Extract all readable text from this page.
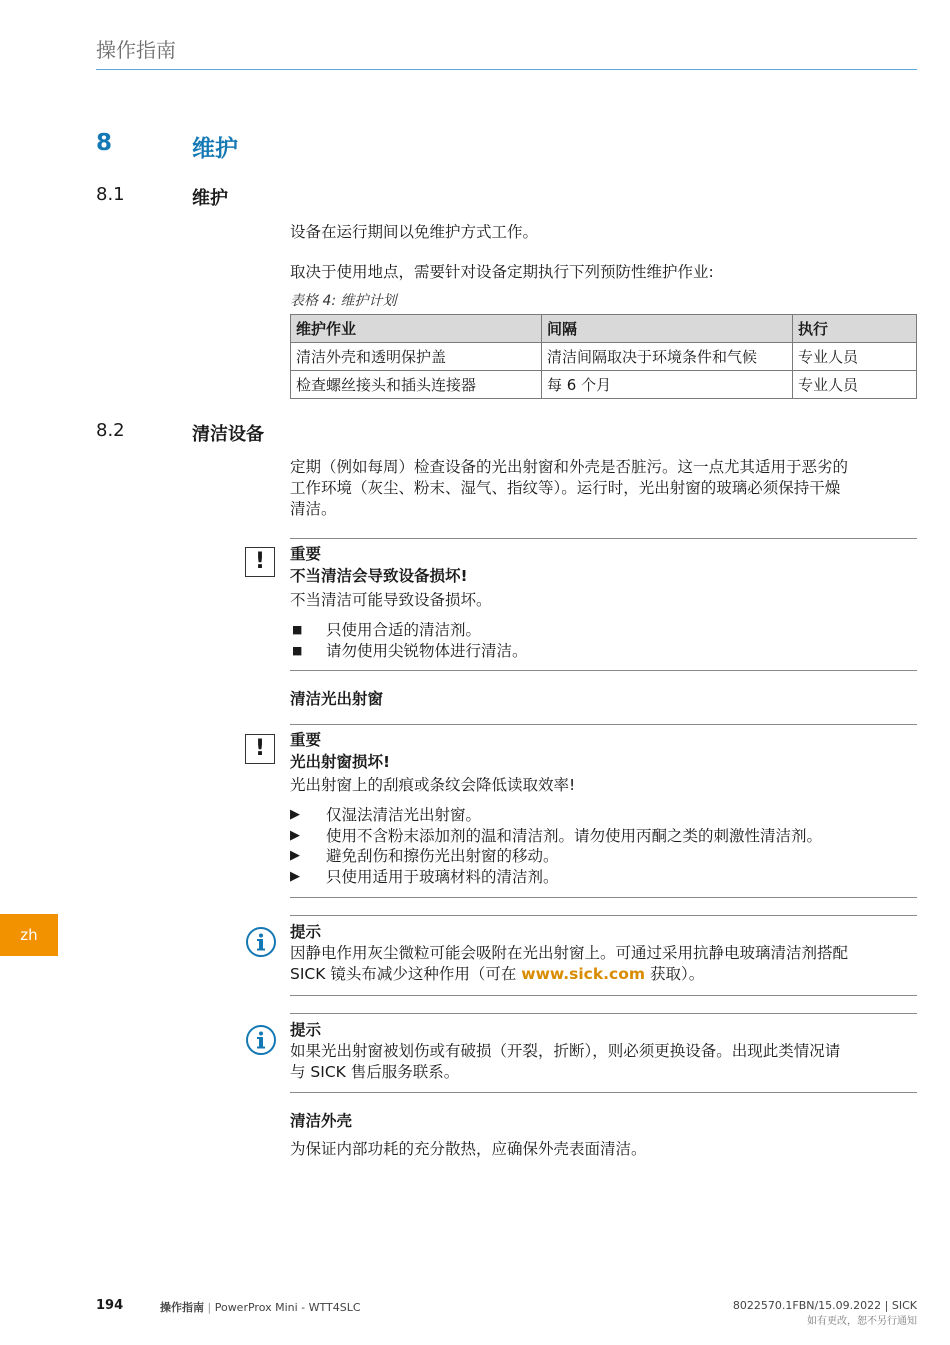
操作指南
8	维护
8.1	维护
设备在运行期间以免维护方式工作。
取决于使用地点，需要针对设备定期执行下列预防性维护作业:
表格 4: 维护计划
维护作业	间隔	执行
清洁外壳和透明保护盖	清洁间隔取决于环境条件和气候	专业人员
检查螺丝接头和插头连接器	每 6 个月	专业人员
8.2	清洁设备
定期（例如每周）检查设备的光出射窗和外壳是否脏污。这一点尤其适用于恶劣的
工作环境（灰尘、粉末、湿气、指纹等）。运行时，光出射窗的玻璃必须保持干燥
清洁。
!	重要
不当清洁会导致设备损坏!
不当清洁可能导致设备损坏。
■ 只使用合适的清洁剂。
■ 请勿使用尖锐物体进行清洁。
清洁光出射窗
!	重要
光出射窗损坏!
光出射窗上的刮痕或条纹会降低读取效率!
▶ 仅湿法清洁光出射窗。
▶ 使用不含粉末添加剂的温和清洁剂。请勿使用丙酮之类的刺激性清洁剂。
▶ 避免刮伤和擦伤光出射窗的移动。
▶ 只使用适用于玻璃材料的清洁剂。
提示
因静电作用灰尘微粒可能会吸附在光出射窗上。可通过采用抗静电玻璃清洁剂搭配
SICK 镜头布减少这种作用（可在 www.sick.com 获取）。
提示
如果光出射窗被划伤或有破损（开裂，折断），则必须更换设备。出现此类情况请
与 SICK 售后服务联系。
清洁外壳
为保证内部功耗的充分散热，应确保外壳表面清洁。
zh
194	操作指南 | PowerProx Mini - WTT4SLC	8022570.1FBN/15.09.2022 | SICK
如有更改，恕不另行通知
